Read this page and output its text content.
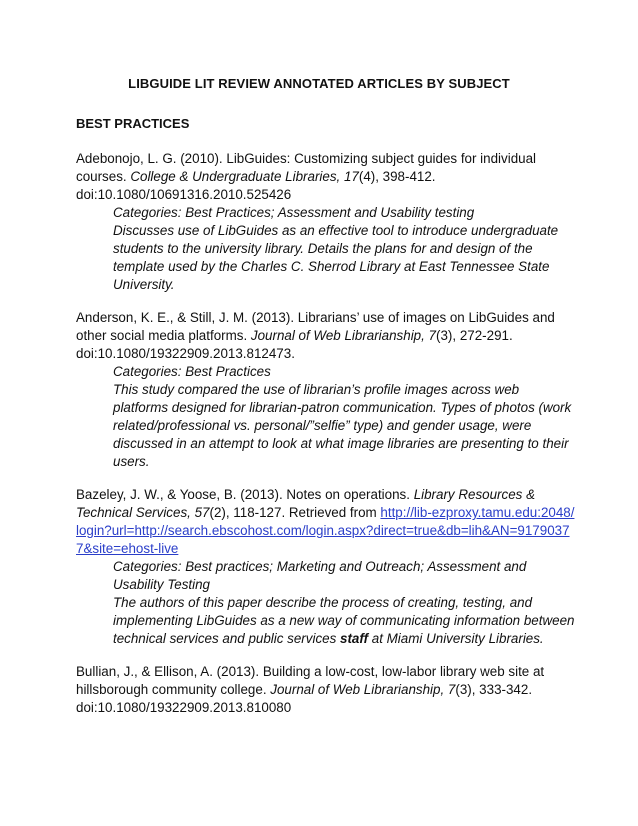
LIBGUIDE LIT REVIEW ANNOTATED ARTICLES BY SUBJECT
BEST PRACTICES
Adebonojo, L. G. (2010). LibGuides: Customizing subject guides for individual courses. College & Undergraduate Libraries, 17(4), 398-412. doi:10.1080/10691316.2010.525426

Categories: Best Practices; Assessment and Usability testing

Discusses use of LibGuides as an effective tool to introduce undergraduate students to the university library. Details the plans for and design of the template used by the Charles C. Sherrod Library at East Tennessee State University.

Anderson, K. E., & Still, J. M. (2013). Librarians’ use of images on LibGuides and other social media platforms. Journal of Web Librarianship, 7(3), 272-291. doi:10.1080/19322909.2013.812473.

Categories: Best Practices

This study compared the use of librarian’s profile images across web platforms designed for librarian-patron communication. Types of photos (work related/professional vs. personal/”selfie” type) and gender usage, were discussed in an attempt to look at what image libraries are presenting to their users.

Bazeley, J. W., & Yoose, B. (2013). Notes on operations. Library Resources & Technical Services, 57(2), 118-127. Retrieved from http://lib-ezproxy.tamu.edu:2048/login?url=http://search.ebscohost.com/login.aspx?direct=true&db=lih&AN=91790377&site=ehost-live

Categories: Best practices; Marketing and Outreach; Assessment and Usability Testing

The authors of this paper describe the process of creating, testing, and implementing LibGuides as a new way of communicating information between technical services and public services staff at Miami University Libraries.

Bullian, J., & Ellison, A. (2013). Building a low-cost, low-labor library web site at hillsborough community college. Journal of Web Librarianship, 7(3), 333-342. doi:10.1080/19322909.2013.810080
